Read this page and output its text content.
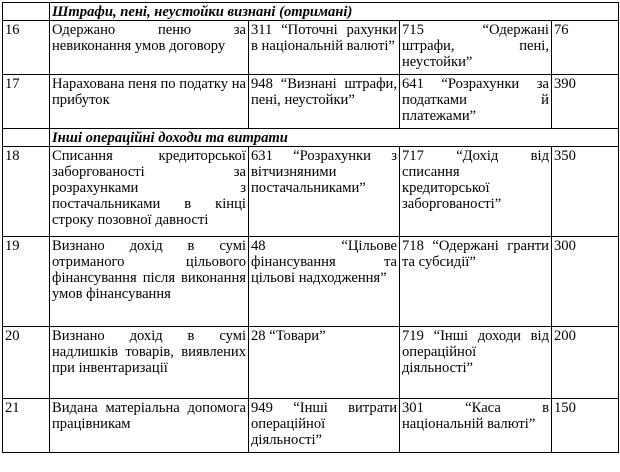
	Штрафи, пені, неустойки визнані (отримані)			
16	Одержано пеню за невиконання умов договору	311 “Поточні рахунки в національній валюті”	715 “Одержані штрафи, пені, неустойки”	76
17	Нарахована пеня по податку на прибуток	948 “Визнані штрафи, пені, неустойки”	641 “Розрахунки за податками й платежами”	390
	Інші операційні доходи та витрати			
18	Списання кредиторської заборгованості за розрахунками з постачальниками в кінці строку позовної давності	631 “Розрахунки з вітчизняними постачальниками”	717 “Дохід від списання кредиторської заборгованості”	350
19	Визнано дохід в сумі отриманого цільового фінансування після виконання умов фінансування	48 “Цільове фінансування та цільові надходження”	718 “Одержані гранти та субсидії”	300
20	Визнано дохід в сумі надлишків товарів, виявлених при інвентаризації	28 “Товари”	719 “Інші доходи від операційної діяльності”	200
21	Видана матеріальна допомога працівникам	949 “Інші витрати операційної діяльності”	301 “Каса в національній валюті”	150
